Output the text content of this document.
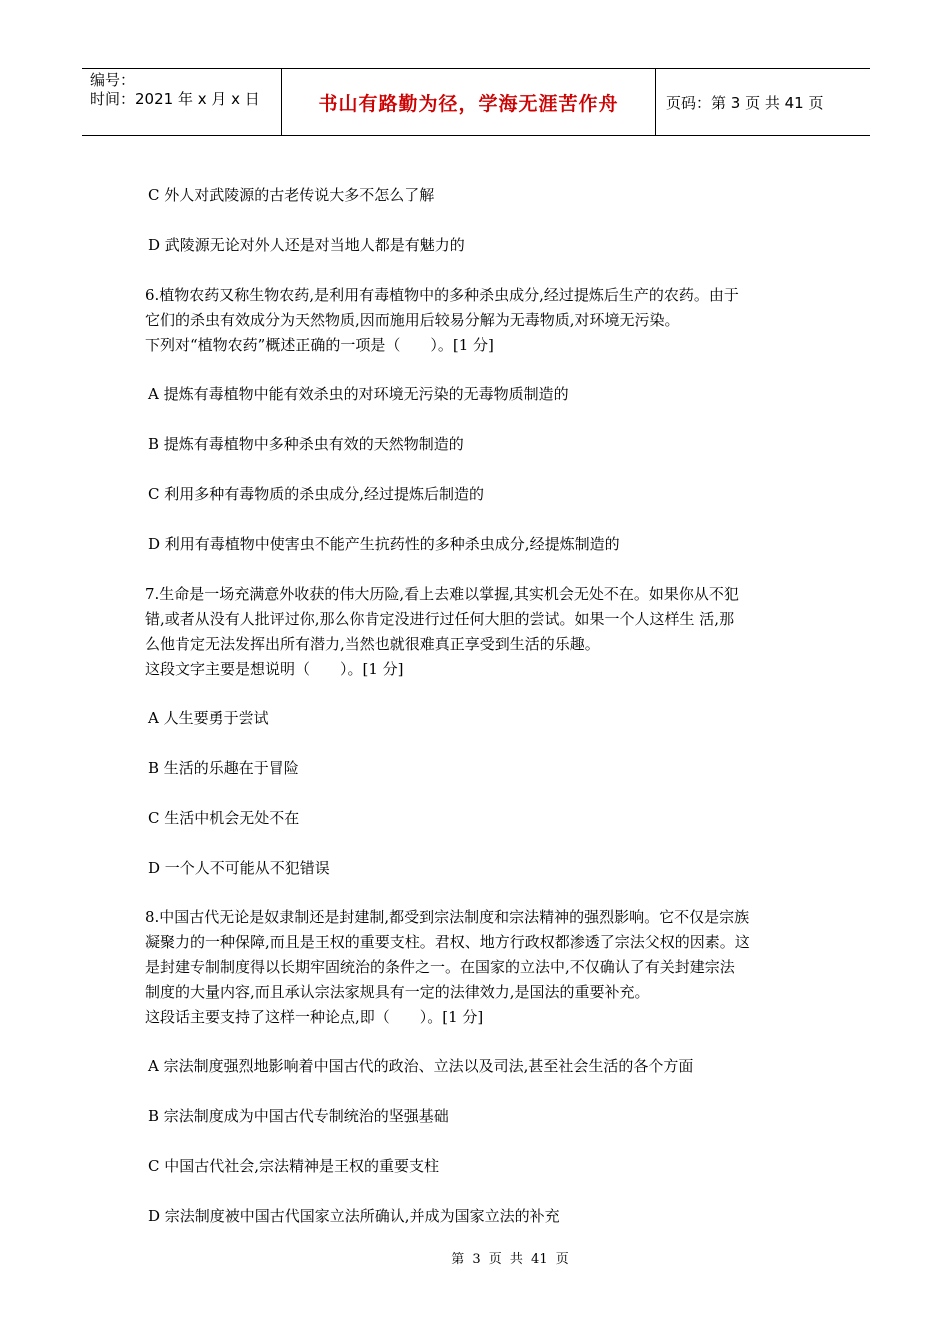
编号：
时间：2021 年 x 月 x 日	书山有路勤为径，学海无涯苦作舟	页码：第 3 页 共 41 页
C 外人对武陵源的古老传说大多不怎么了解
D 武陵源无论对外人还是对当地人都是有魅力的
6.植物农药又称生物农药,是利用有毒植物中的多种杀虫成分,经过提炼后生产的农药。由于
它们的杀虫有效成分为天然物质,因而施用后较易分解为无毒物质,对环境无污染。
下列对“植物农药”概述正确的一项是（　　）。[1 分]
A 提炼有毒植物中能有效杀虫的对环境无污染的无毒物质制造的
B 提炼有毒植物中多种杀虫有效的天然物制造的
C 利用多种有毒物质的杀虫成分,经过提炼后制造的
D 利用有毒植物中使害虫不能产生抗药性的多种杀虫成分,经提炼制造的
7.生命是一场充满意外收获的伟大历险,看上去难以掌握,其实机会无处不在。如果你从不犯
错,或者从没有人批评过你,那么你肯定没进行过任何大胆的尝试。如果一个人这样生 活,那
么他肯定无法发挥出所有潜力,当然也就很难真正享受到生活的乐趣。
这段文字主要是想说明（　　）。[1 分]
A 人生要勇于尝试
B 生活的乐趣在于冒险
C 生活中机会无处不在
D 一个人不可能从不犯错误
8.中国古代无论是奴隶制还是封建制,都受到宗法制度和宗法精神的强烈影响。它不仅是宗族
凝聚力的一种保障,而且是王权的重要支柱。君权、地方行政权都渗透了宗法父权的因素。这
是封建专制制度得以长期牢固统治的条件之一。在国家的立法中,不仅确认了有关封建宗法
制度的大量内容,而且承认宗法家规具有一定的法律效力,是国法的重要补充。
这段话主要支持了这样一种论点,即（　　）。[1 分]
A 宗法制度强烈地影响着中国古代的政治、立法以及司法,甚至社会生活的各个方面
B 宗法制度成为中国古代专制统治的坚强基础
C 中国古代社会,宗法精神是王权的重要支柱
D 宗法制度被中国古代国家立法所确认,并成为国家立法的补充
第 3 页 共 41 页
